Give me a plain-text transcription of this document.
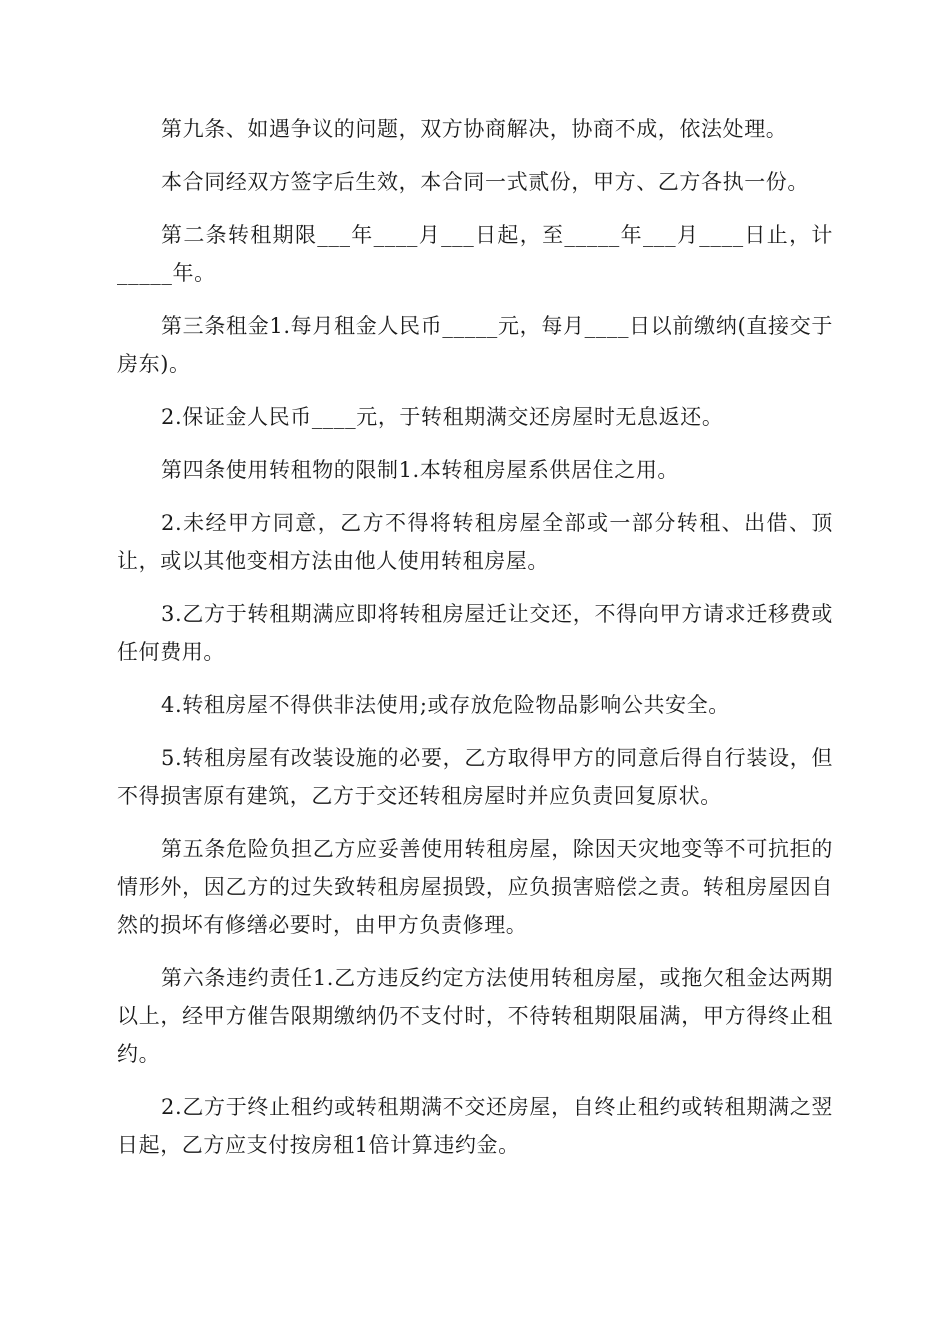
第九条、如遇争议的问题，双方协商解决，协商不成，依法处理。

本合同经双方签字后生效，本合同一式贰份，甲方、乙方各执一份。

第二条转租期限___年____月___日起，至_____年___月____日止，计_____年。

第三条租金1.每月租金人民币_____元，每月____日以前缴纳(直接交于房东)。

2.保证金人民币____元，于转租期满交还房屋时无息返还。

第四条使用转租物的限制1.本转租房屋系供居住之用。

2.未经甲方同意，乙方不得将转租房屋全部或一部分转租、出借、顶让，或以其他变相方法由他人使用转租房屋。

3.乙方于转租期满应即将转租房屋迁让交还，不得向甲方请求迁移费或任何费用。

4.转租房屋不得供非法使用;或存放危险物品影响公共安全。

5.转租房屋有改装设施的必要，乙方取得甲方的同意后得自行装设，但不得损害原有建筑，乙方于交还转租房屋时并应负责回复原状。

第五条危险负担乙方应妥善使用转租房屋，除因天灾地变等不可抗拒的情形外，因乙方的过失致转租房屋损毁，应负损害赔偿之责。转租房屋因自然的损坏有修缮必要时，由甲方负责修理。

第六条违约责任1.乙方违反约定方法使用转租房屋，或拖欠租金达两期以上，经甲方催告限期缴纳仍不支付时，不待转租期限届满，甲方得终止租约。

2.乙方于终止租约或转租期满不交还房屋，自终止租约或转租期满之翌日起，乙方应支付按房租1倍计算违约金。
